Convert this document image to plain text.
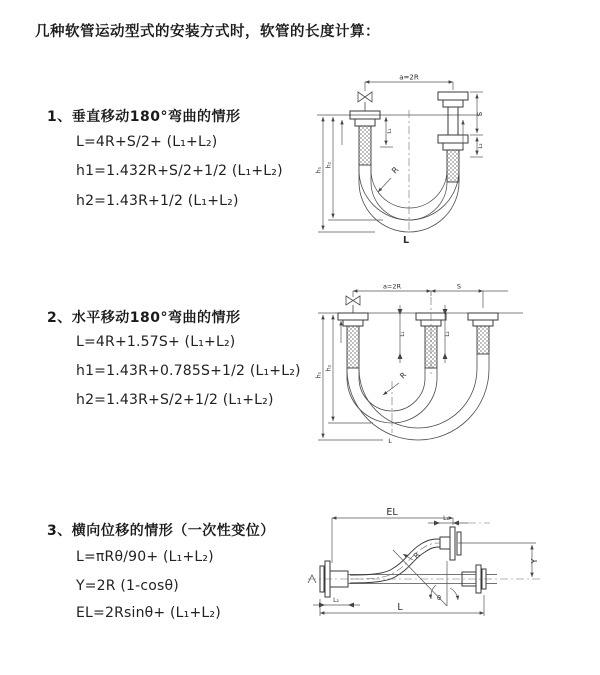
几种软管运动型式的安装方式时，软管的长度计算：
1、垂直移动180°弯曲的情形
L=4R+S/2+ (L₁+L₂)
h1=1.432R+S/2+1/2 (L₁+L₂)
h2=1.43R+1/2 (L₁+L₂)
2、水平移动180°弯曲的情形
L=4R+1.57S+ (L₁+L₂)
h1=1.43R+0.785S+1/2 (L₁+L₂)
h2=1.43R+S/2+1/2 (L₁+L₂)
3、横向位移的情形（一次性变位）
L=πRθ/90+ (L₁+L₂)
Y=2R (1-cosθ)
EL=2Rsinθ+ (L₁+L₂)
a=2R
L₁
S
L₂
h₁
h₂
R
L
a=2R	S
L₁	L₂
h₁
h₂
R
L
EL
L₁
Y
θ
R
L
L₂
